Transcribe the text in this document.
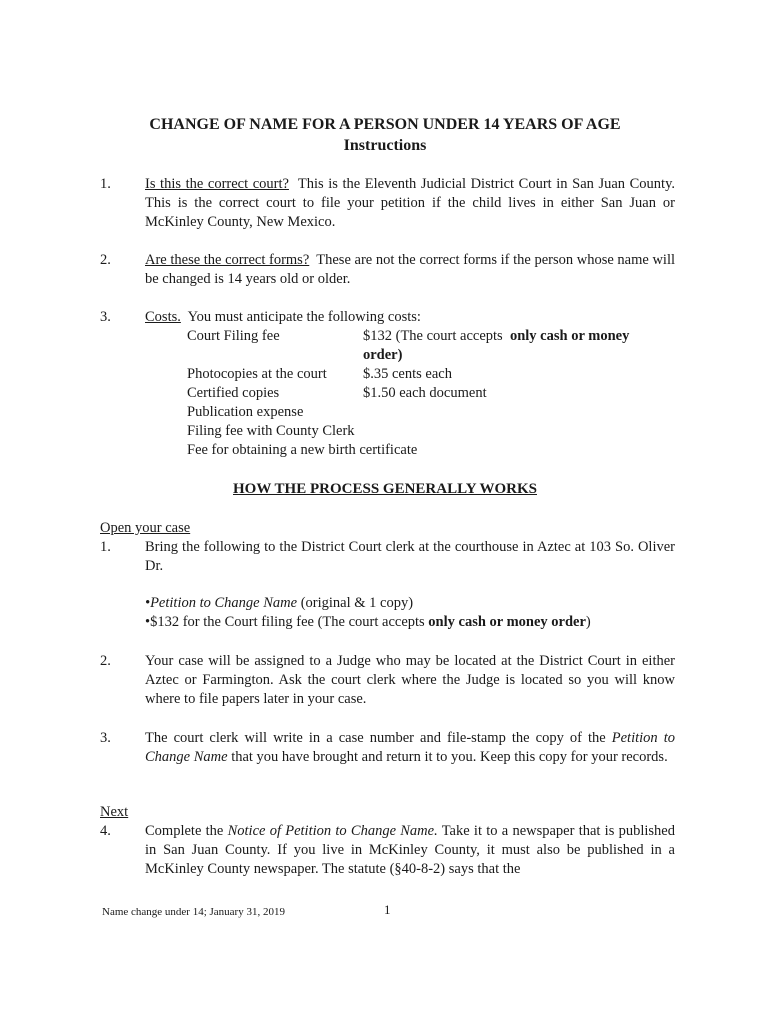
CHANGE OF NAME FOR A PERSON UNDER 14 YEARS OF AGE
Instructions
1. Is this the correct court? This is the Eleventh Judicial District Court in San Juan County. This is the correct court to file your petition if the child lives in either San Juan or McKinley County, New Mexico.
2. Are these the correct forms? These are not the correct forms if the person whose name will be changed is 14 years old or older.
3. Costs. You must anticipate the following costs:
Court Filing fee	$132 (The court accepts only cash or money
order)
Photocopies at the court	$.35 cents each
Certified copies	$1.50 each document
Publication expense
Filing fee with County Clerk
Fee for obtaining a new birth certificate
HOW THE PROCESS GENERALLY WORKS
Open your case
1. Bring the following to the District Court clerk at the courthouse in Aztec at 103 So. Oliver Dr.
•Petition to Change Name (original & 1 copy)
•$132 for the Court filing fee (The court accepts only cash or money order)
2. Your case will be assigned to a Judge who may be located at the District Court in either Aztec or Farmington. Ask the court clerk where the Judge is located so you will know where to file papers later in your case.
3. The court clerk will write in a case number and file-stamp the copy of the Petition to Change Name that you have brought and return it to you. Keep this copy for your records.
Next
4. Complete the Notice of Petition to Change Name. Take it to a newspaper that is published in San Juan County. If you live in McKinley County, it must also be published in a McKinley County newspaper. The statute (§40-8-2) says that the
Name change under 14; January 31, 2019	1
